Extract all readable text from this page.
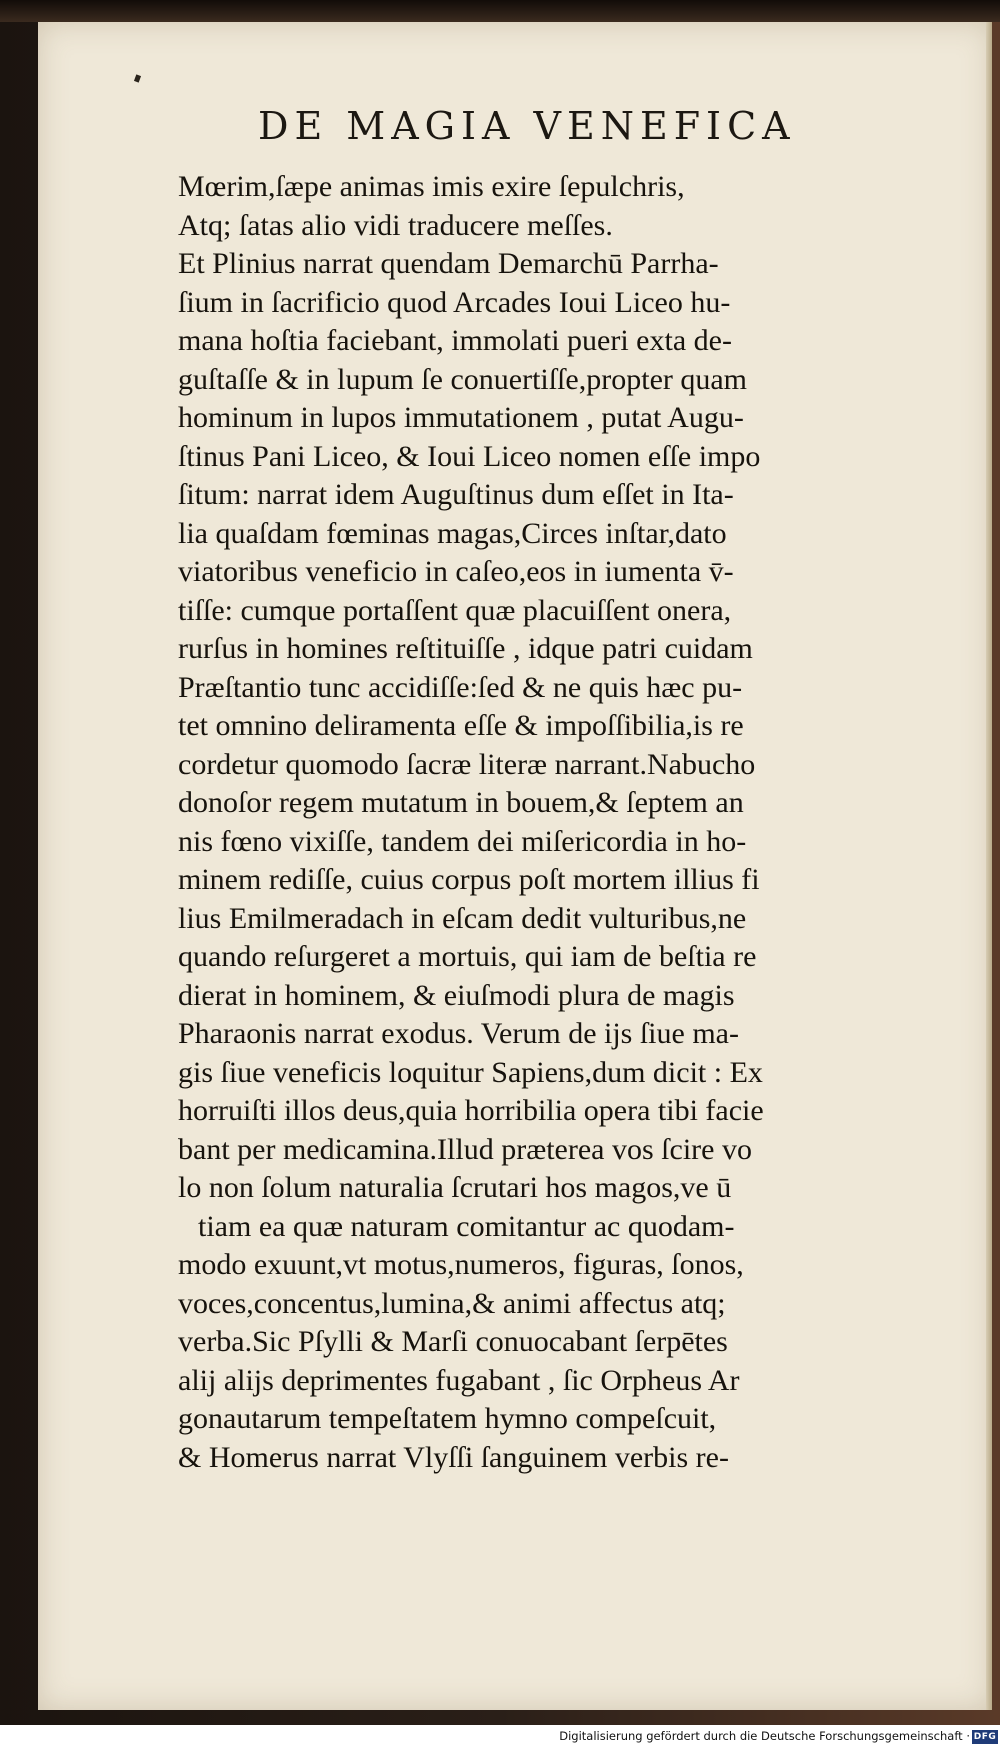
DE MAGIA VENEFICA
Mœrim,ſæpe animas imis exire ſepulchris,
Atq; ſatas alio vidi traducere meſſes.
Et Plinius narrat quendam Demarchū Parrha-
ſium in ſacrificio quod Arcades Ioui Liceo hu-
mana hoſtia faciebant, immolati pueri exta de-
guſtaſſe & in lupum ſe conuertiſſe,propter quam
hominum in lupos immutationem , putat Augu-
ſtinus Pani Liceo, & Ioui Liceo nomen eſſe impo
ſitum: narrat idem Auguſtinus dum eſſet in Ita-
lia quaſdam fœminas magas,Circes inſtar,dato
viatoribus veneficio in caſeo,eos in iumenta v̄-
tiſſe: cumque portaſſent quæ placuiſſent onera,
rurſus in homines reſtituiſſe , idque patri cuidam
Præſtantio tunc accidiſſe:ſed & ne quis hæc pu-
tet omnino deliramenta eſſe & impoſſibilia,is re
cordetur quomodo ſacræ literæ narrant.Nabucho
donoſor regem mutatum in bouem,& ſeptem an
nis fœno vixiſſe, tandem dei miſericordia in ho-
minem rediſſe, cuius corpus poſt mortem illius fi
lius Emilmeradach in eſcam dedit vulturibus,ne
quando reſurgeret a mortuis, qui iam de beſtia re
dierat in hominem, & eiuſmodi plura de magis
Pharaonis narrat exodus. Verum de ijs ſiue ma-
gis ſiue veneficis loquitur Sapiens,dum dicit : Ex
horruiſti illos deus,quia horribilia opera tibi facie
bant per medicamina.Illud præterea vos ſcire vo
lo non ſolum naturalia ſcrutari hos magos,ve ū
tiam ea quæ naturam comitantur ac quodam-
modo exuunt,vt motus,numeros, figuras, ſonos,
voces,concentus,lumina,& animi affectus atq;
verba.Sic Pſylli & Marſi conuocabant ſerpētes
alij alijs deprimentes fugabant , ſic Orpheus Ar
gonautarum tempeſtatem hymno compeſcuit,
& Homerus narrat Vlyſſi ſanguinem verbis re-
Digitalisierung gefördert durch die Deutsche Forschungsgemeinschaft · DFG
